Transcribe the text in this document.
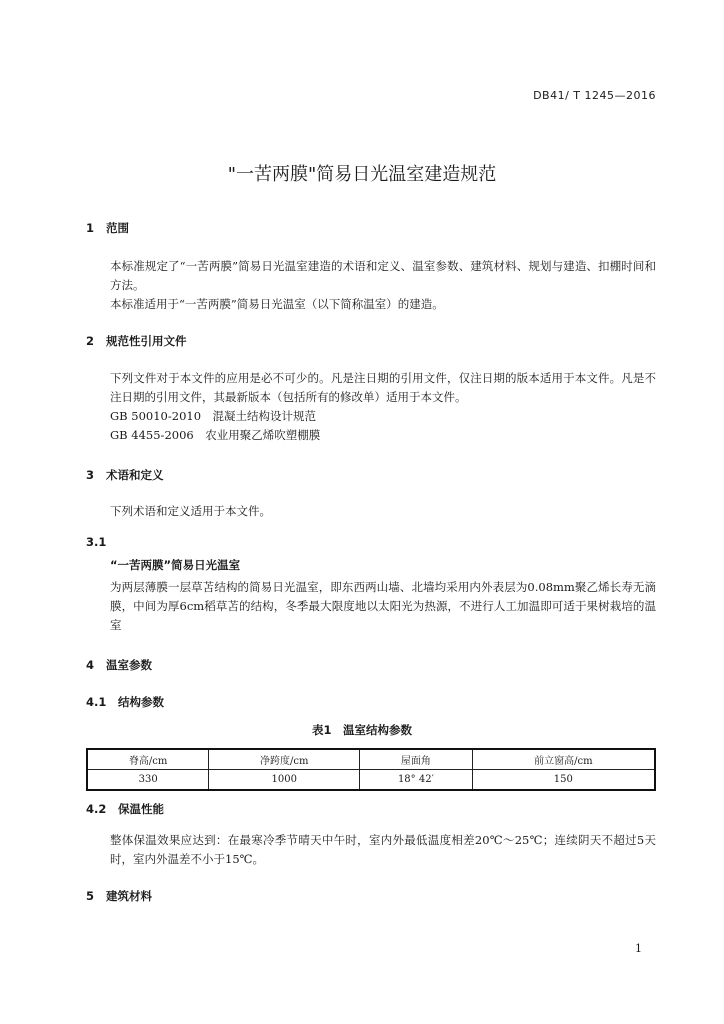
DB41/ T 1245—2016
"一苦两膜"简易日光温室建造规范
1 范围
本标准规定了“一苦两膜”简易日光温室建造的术语和定义、温室参数、建筑材料、规划与建造、扣棚时间和方法。
本标准适用于“一苦两膜”简易日光温室（以下简称温室）的建造。
2 规范性引用文件
下列文件对于本文件的应用是必不可少的。凡是注日期的引用文件，仅注日期的版本适用于本文件。凡是不注日期的引用文件，其最新版本（包括所有的修改单）适用于本文件。
GB 50010-2010　混凝土结构设计规范
GB 4455-2006　农业用聚乙烯吹塑棚膜
3 术语和定义
下列术语和定义适用于本文件。
3.1
“一苦两膜”简易日光温室
为两层薄膜一层草苫结构的简易日光温室，即东西两山墙、北墙均采用内外表层为0.08mm聚乙烯长寿无滴膜，中间为厚6cm稻草苫的结构，冬季最大限度地以太阳光为热源，不进行人工加温即可适于果树栽培的温室
4 温室参数
4.1 结构参数
表1　温室结构参数
脊高/cm	净跨度/cm	屋面角	前立窗高/cm
330	1000	18° 42′	150
4.2 保温性能
整体保温效果应达到：在最寒冷季节晴天中午时，室内外最低温度相差20℃～25℃；连续阴天不超过5天时，室内外温差不小于15℃。
5 建筑材料
1
